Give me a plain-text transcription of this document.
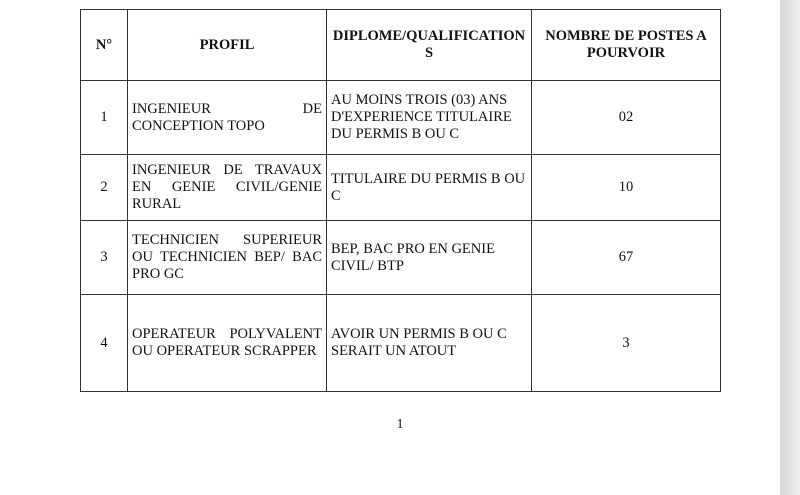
N°	PROFIL	DIPLOME/QUALIFICATIONS	NOMBRE DE POSTES A POURVOIR
1	INGENIEUR DE CONCEPTION TOPO	AU MOINS TROIS (03) ANS D'EXPERIENCE TITULAIRE DU PERMIS B OU C	02
2	INGENIEUR DE TRAVAUX EN GENIE CIVIL/GENIE RURAL	TITULAIRE DU PERMIS B OU C	10
3	TECHNICIEN SUPERIEUR OU TECHNICIEN BEP/ BAC PRO GC	BEP, BAC PRO EN GENIE CIVIL/ BTP	67
4	OPERATEUR POLYVALENT OU OPERATEUR SCRAPPER	AVOIR UN PERMIS B OU C SERAIT UN ATOUT	3
1
